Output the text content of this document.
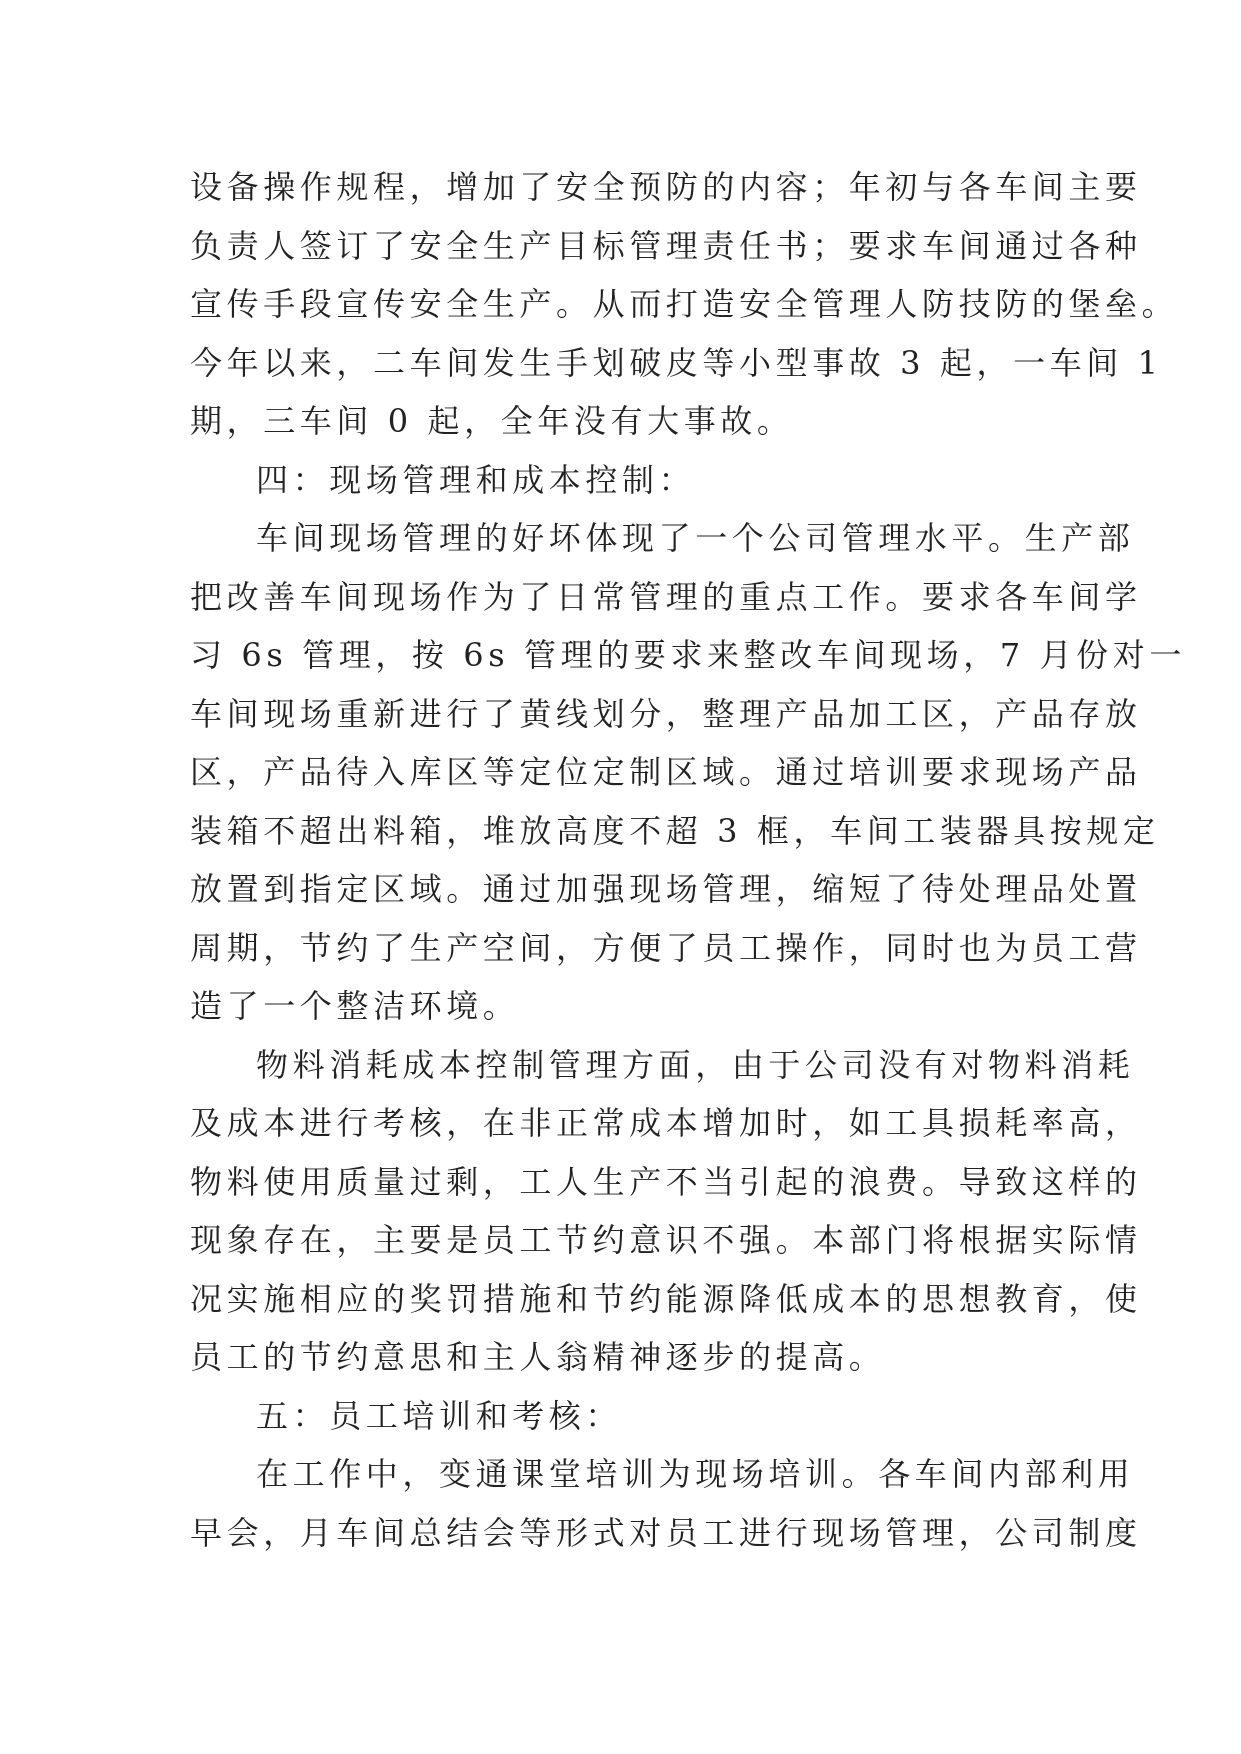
设备操作规程，增加了安全预防的内容；年初与各车间主要
负责人签订了安全生产目标管理责任书；要求车间通过各种
宣传手段宣传安全生产。从而打造安全管理人防技防的堡垒。
今年以来，二车间发生手划破皮等小型事故 3 起，一车间 1
期，三车间 0 起，全年没有大事故。
四：现场管理和成本控制：
车间现场管理的好坏体现了一个公司管理水平。生产部
把改善车间现场作为了日常管理的重点工作。要求各车间学
习 6s 管理，按 6s 管理的要求来整改车间现场，7 月份对一
车间现场重新进行了黄线划分，整理产品加工区，产品存放
区，产品待入库区等定位定制区域。通过培训要求现场产品
装箱不超出料箱，堆放高度不超 3 框，车间工装器具按规定
放置到指定区域。通过加强现场管理，缩短了待处理品处置
周期，节约了生产空间，方便了员工操作，同时也为员工营
造了一个整洁环境。
物料消耗成本控制管理方面，由于公司没有对物料消耗
及成本进行考核，在非正常成本增加时，如工具损耗率高，
物料使用质量过剩，工人生产不当引起的浪费。导致这样的
现象存在，主要是员工节约意识不强。本部门将根据实际情
况实施相应的奖罚措施和节约能源降低成本的思想教育，使
员工的节约意思和主人翁精神逐步的提高。
五：员工培训和考核：
在工作中，变通课堂培训为现场培训。各车间内部利用
早会，月车间总结会等形式对员工进行现场管理，公司制度
